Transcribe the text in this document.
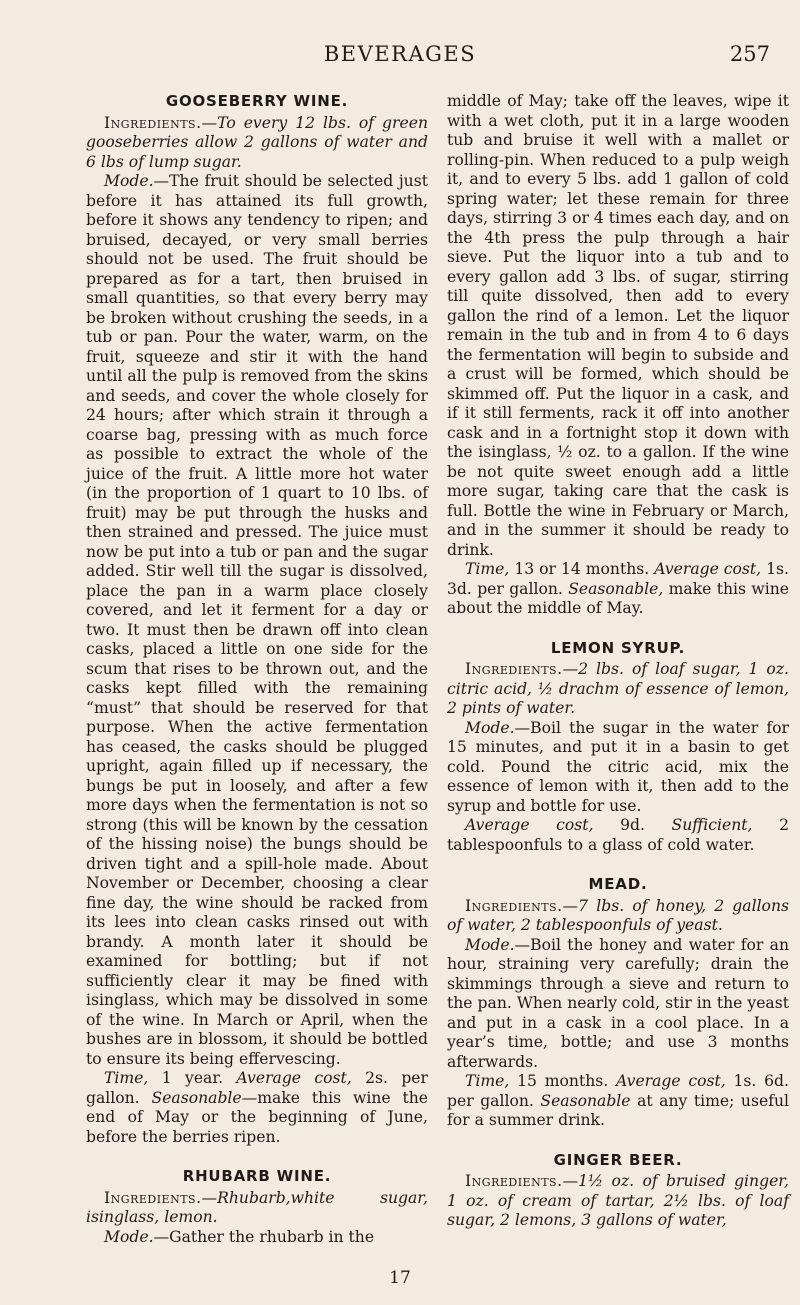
BEVERAGES	257
GOOSEBERRY WINE.

Ingredients.—To every 12 lbs. of green gooseberries allow 2 gallons of water and 6 lbs of lump sugar.

Mode.—The fruit should be selected just before it has attained its full growth, before it shows any tendency to ripen; and bruised, decayed, or very small berries should not be used. The fruit should be prepared as for a tart, then bruised in small quantities, so that every berry may be broken without crushing the seeds, in a tub or pan. Pour the water, warm, on the fruit, squeeze and stir it with the hand until all the pulp is removed from the skins and seeds, and cover the whole closely for 24 hours; after which strain it through a coarse bag, pressing with as much force as possible to extract the whole of the juice of the fruit. A little more hot water (in the proportion of 1 quart to 10 lbs. of fruit) may be put through the husks and then strained and pressed. The juice must now be put into a tub or pan and the sugar added. Stir well till the sugar is dissolved, place the pan in a warm place closely covered, and let it ferment for a day or two. It must then be drawn off into clean casks, placed a little on one side for the scum that rises to be thrown out, and the casks kept filled with the remaining “must” that should be reserved for that purpose. When the active fermentation has ceased, the casks should be plugged upright, again filled up if necessary, the bungs be put in loosely, and after a few more days when the fermentation is not so strong (this will be known by the cessation of the hissing noise) the bungs should be driven tight and a spill-hole made. About November or December, choosing a clear fine day, the wine should be racked from its lees into clean casks rinsed out with brandy. A month later it should be examined for bottling; but if not sufficiently clear it may be fined with isinglass, which may be dissolved in some of the wine. In March or April, when the bushes are in blossom, it should be bottled to ensure its being effervescing.

Time, 1 year. Average cost, 2s. per gallon. Seasonable—make this wine the end of May or the beginning of June, before the berries ripen.

RHUBARB WINE.

Ingredients.—Rhubarb,white sugar, isinglass, lemon.

Mode.—Gather the rhubarb in the

middle of May; take off the leaves, wipe it with a wet cloth, put it in a large wooden tub and bruise it well with a mallet or rolling-pin. When reduced to a pulp weigh it, and to every 5 lbs. add 1 gallon of cold spring water; let these remain for three days, stirring 3 or 4 times each day, and on the 4th press the pulp through a hair sieve. Put the liquor into a tub and to every gallon add 3 lbs. of sugar, stirring till quite dissolved, then add to every gallon the rind of a lemon. Let the liquor remain in the tub and in from 4 to 6 days the fermentation will begin to subside and a crust will be formed, which should be skimmed off. Put the liquor in a cask, and if it still ferments, rack it off into another cask and in a fortnight stop it down with the isinglass, ½ oz. to a gallon. If the wine be not quite sweet enough add a little more sugar, taking care that the cask is full. Bottle the wine in February or March, and in the summer it should be ready to drink.

Time, 13 or 14 months. Average cost, 1s. 3d. per gallon. Seasonable, make this wine about the middle of May.

LEMON SYRUP.

Ingredients.—2 lbs. of loaf sugar, 1 oz. citric acid, ½ drachm of essence of lemon, 2 pints of water.

Mode.—Boil the sugar in the water for 15 minutes, and put it in a basin to get cold. Pound the citric acid, mix the essence of lemon with it, then add to the syrup and bottle for use.

Average cost, 9d. Sufficient, 2 tablespoonfuls to a glass of cold water.

MEAD.

Ingredients.—7 lbs. of honey, 2 gallons of water, 2 tablespoonfuls of yeast.

Mode.—Boil the honey and water for an hour, straining very carefully; drain the skimmings through a sieve and return to the pan. When nearly cold, stir in the yeast and put in a cask in a cool place. In a year’s time, bottle; and use 3 months afterwards.

Time, 15 months. Average cost, 1s. 6d. per gallon. Seasonable at any time; useful for a summer drink.

GINGER BEER.

Ingredients.—1½ oz. of bruised ginger, 1 oz. of cream of tartar, 2½ lbs. of loaf sugar, 2 lemons, 3 gallons of water,

17
